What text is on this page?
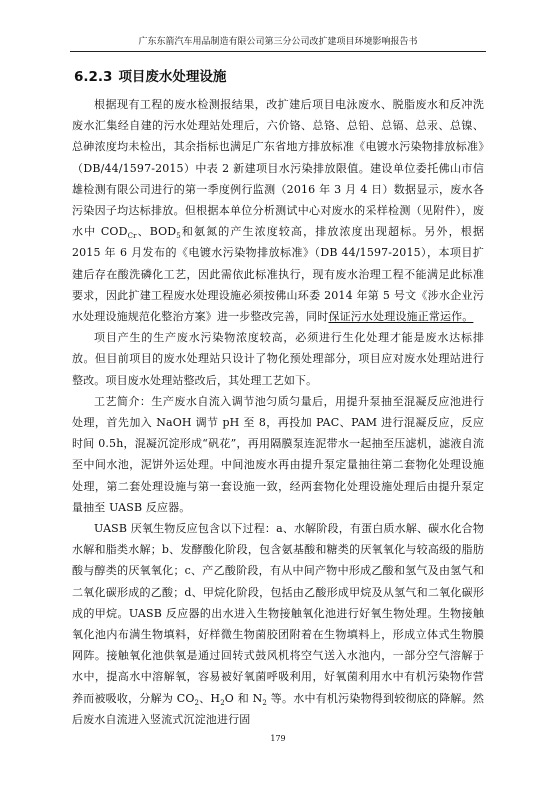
广东东箭汽车用品制造有限公司第三分公司改扩建项目环境影响报告书
6.2.3 项目废水处理设施

根据现有工程的废水检测报结果，改扩建后项目电泳废水、脱脂废水和反冲洗废水汇集经自建的污水处理站处理后，六价铬、总铬、总铅、总镉、总汞、总镍、总砷浓度均未检出，其余指标也满足广东省地方排放标准《电镀水污染物排放标准》（DB/44/1597-2015）中表 2 新建项目水污染排放限值。建设单位委托佛山市信雄检测有限公司进行的第一季度例行监测（2016 年 3 月 4 日）数据显示，废水各污染因子均达标排放。但根据本单位分析测试中心对废水的采样检测（见附件），废水中 $COD_{Cr}$、$BOD_5$和氨氮的产生浓度较高，排放浓度出现超标。另外，根据 2015 年 6 月发布的《电镀水污染物排放标准》（DB 44/1597-2015），本项目扩建后存在酸洗磷化工艺，因此需依此标准执行，现有废水治理工程不能满足此标准要求，因此扩建工程废水处理设施必须按佛山环委 2014 年第 5 号文《涉水企业污水处理设施规范化整治方案》进一步整改完善，同时保证污水处理设施正常运作。

项目产生的生产废水污染物浓度较高，必须进行生化处理才能是废水达标排放。但目前项目的废水处理站只设计了物化预处理部分，项目应对废水处理站进行整改。项目废水处理站整改后，其处理工艺如下。

工艺简介：生产废水自流入调节池匀质匀量后，用提升泵抽至混凝反应池进行处理，首先加入 NaOH 调节 pH 至 8，再投加 PAC、PAM 进行混凝反应，反应时间 0.5h，混凝沉淀形成“矾花”，再用隔膜泵连泥带水一起抽至压滤机，滤液自流至中间水池，泥饼外运处理。中间池废水再由提升泵定量抽往第二套物化处理设施处理，第二套处理设施与第一套设施一致，经两套物化处理设施处理后由提升泵定量抽至 UASB 反应器。

UASB 厌氧生物反应包含以下过程：a、水解阶段，有蛋白质水解、碳水化合物水解和脂类水解；b、发酵酸化阶段，包含氨基酸和糖类的厌氧氧化与较高级的脂肪酸与醇类的厌氧氧化；c、产乙酸阶段，有从中间产物中形成乙酸和氢气及由氢气和二氧化碳形成的乙酸；d、甲烷化阶段，包括由乙酸形成甲烷及从氢气和二氧化碳形成的甲烷。UASB 反应器的出水进入生物接触氧化池进行好氧生物处理。生物接触氧化池内布满生物填料，好样微生物菌胶团附着在生物填料上，形成立体式生物膜网阵。接触氧化池供氧是通过回转式鼓风机将空气送入水池内，一部分空气溶解于水中，提高水中溶解氧，容易被好氧菌呼吸利用，好氧菌利用水中有机污染物作营养而被吸收，分解为 $CO_2$、$H_2O$ 和 $N_2$ 等。水中有机污染物得到较彻底的降解。然后废水自流进入竖流式沉淀池进行固

179
